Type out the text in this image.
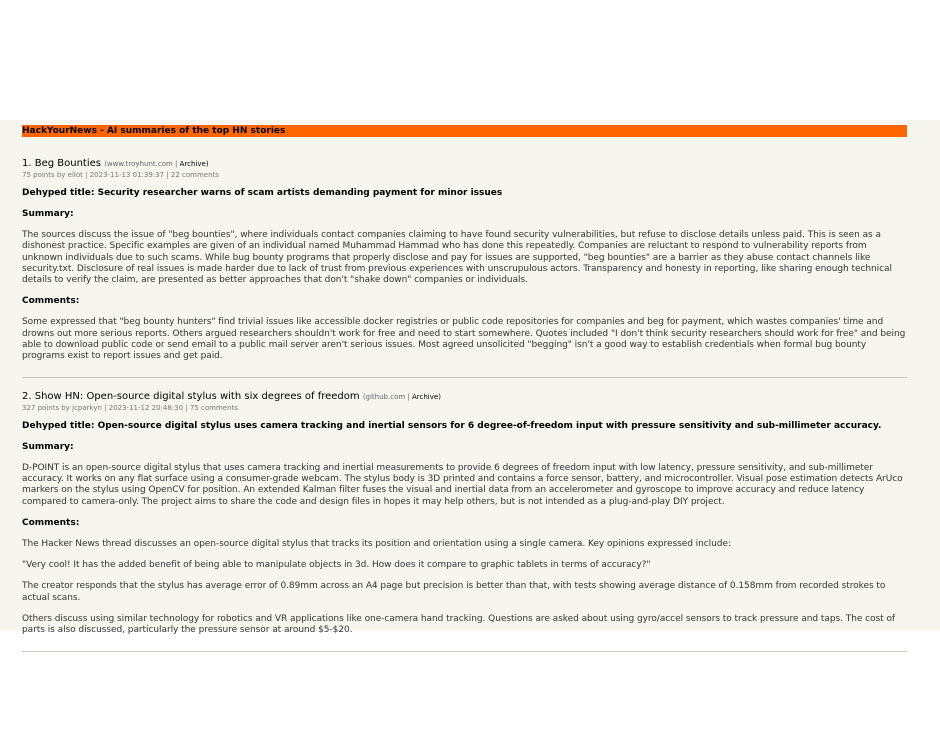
HackYourNews - AI summaries of the top HN stories
1. Beg Bounties (www.troyhunt.com | Archive)
75 points by ellot | 2023-11-13 01:39:37 | 22 comments
Dehyped title: Security researcher warns of scam artists demanding payment for minor issues
Summary:
The sources discuss the issue of "beg bounties", where individuals contact companies claiming to have found security vulnerabilities, but refuse to disclose details unless paid. This is seen as a dishonest practice. Specific examples are given of an individual named Muhammad Hammad who has done this repeatedly. Companies are reluctant to respond to vulnerability reports from unknown individuals due to such scams. While bug bounty programs that properly disclose and pay for issues are supported, "beg bounties" are a barrier as they abuse contact channels like security.txt. Disclosure of real issues is made harder due to lack of trust from previous experiences with unscrupulous actors. Transparency and honesty in reporting, like sharing enough technical details to verify the claim, are presented as better approaches that don't "shake down" companies or individuals.
Comments:
Some expressed that "beg bounty hunters" find trivial issues like accessible docker registries or public code repositories for companies and beg for payment, which wastes companies' time and drowns out more serious reports. Others argued researchers shouldn't work for free and need to start somewhere. Quotes included "I don't think security researchers should work for free" and being able to download public code or send email to a public mail server aren't serious issues. Most agreed unsolicited "begging" isn't a good way to establish credentials when formal bug bounty programs exist to report issues and get paid.
2. Show HN: Open-source digital stylus with six degrees of freedom (github.com | Archive)
327 points by jcparkyn | 2023-11-12 20:48:30 | 75 comments
Dehyped title: Open-source digital stylus uses camera tracking and inertial sensors for 6 degree-of-freedom input with pressure sensitivity and sub-millimeter accuracy.
Summary:
D-POINT is an open-source digital stylus that uses camera tracking and inertial measurements to provide 6 degrees of freedom input with low latency, pressure sensitivity, and sub-millimeter accuracy. It works on any flat surface using a consumer-grade webcam. The stylus body is 3D printed and contains a force sensor, battery, and microcontroller. Visual pose estimation detects ArUco markers on the stylus using OpenCV for position. An extended Kalman filter fuses the visual and inertial data from an accelerometer and gyroscope to improve accuracy and reduce latency compared to camera-only. The project aims to share the code and design files in hopes it may help others, but is not intended as a plug-and-play DIY project.
Comments:
The Hacker News thread discusses an open-source digital stylus that tracks its position and orientation using a single camera. Key opinions expressed include:
"Very cool! It has the added benefit of being able to manipulate objects in 3d. How does it compare to graphic tablets in terms of accuracy?"
The creator responds that the stylus has average error of 0.89mm across an A4 page but precision is better than that, with tests showing average distance of 0.158mm from recorded strokes to actual scans.
Others discuss using similar technology for robotics and VR applications like one-camera hand tracking. Questions are asked about using gyro/accel sensors to track pressure and taps. The cost of parts is also discussed, particularly the pressure sensor at around $5-$20.
